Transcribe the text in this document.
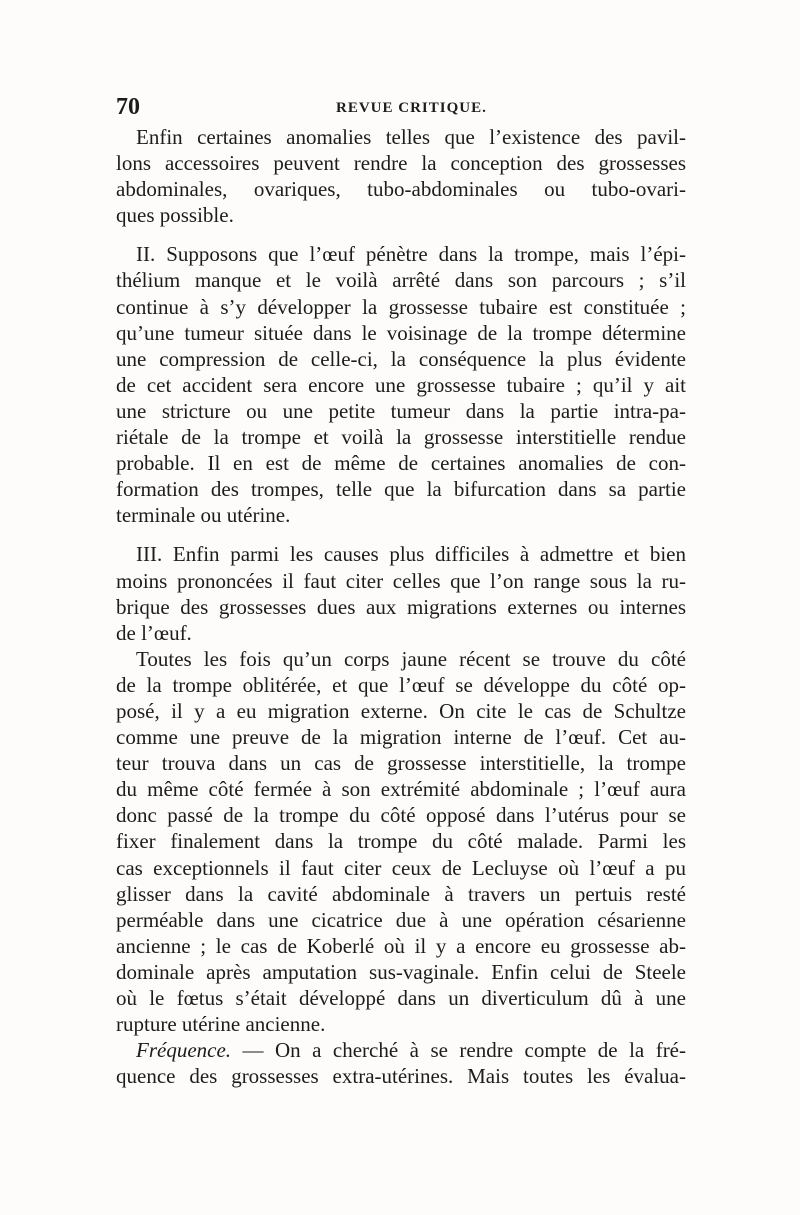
70	REVUE CRITIQUE.

Enfin certaines anomalies telles que l’existence des pavil-
lons accessoires peuvent rendre la conception des grossesses
abdominales, ovariques, tubo-abdominales ou tubo-ovari-
ques possible.

II. Supposons que l’œuf pénètre dans la trompe, mais l’épi-
thélium manque et le voilà arrêté dans son parcours ; s’il
continue à s’y développer la grossesse tubaire est constituée ;
qu’une tumeur située dans le voisinage de la trompe détermine
une compression de celle-ci, la conséquence la plus évidente
de cet accident sera encore une grossesse tubaire ; qu’il y ait
une stricture ou une petite tumeur dans la partie intra-pa-
riétale de la trompe et voilà la grossesse interstitielle rendue
probable. Il en est de même de certaines anomalies de con-
formation des trompes, telle que la bifurcation dans sa partie
terminale ou utérine.

III. Enfin parmi les causes plus difficiles à admettre et bien
moins prononcées il faut citer celles que l’on range sous la ru-
brique des grossesses dues aux migrations externes ou internes
de l’œuf.

Toutes les fois qu’un corps jaune récent se trouve du côté
de la trompe oblitérée, et que l’œuf se développe du côté op-
posé, il y a eu migration externe. On cite le cas de Schultze
comme une preuve de la migration interne de l’œuf. Cet au-
teur trouva dans un cas de grossesse interstitielle, la trompe
du même côté fermée à son extrémité abdominale ; l’œuf aura
donc passé de la trompe du côté opposé dans l’utérus pour se
fixer finalement dans la trompe du côté malade. Parmi les
cas exceptionnels il faut citer ceux de Lecluyse où l’œuf a pu
glisser dans la cavité abdominale à travers un pertuis resté
perméable dans une cicatrice due à une opération césarienne
ancienne ; le cas de Koberlé où il y a encore eu grossesse ab-
dominale après amputation sus-vaginale. Enfin celui de Steele
où le fœtus s’était développé dans un diverticulum dû à une
rupture utérine ancienne.

Fréquence. — On a cherché à se rendre compte de la fré-
quence des grossesses extra-utérines. Mais toutes les évalua-
